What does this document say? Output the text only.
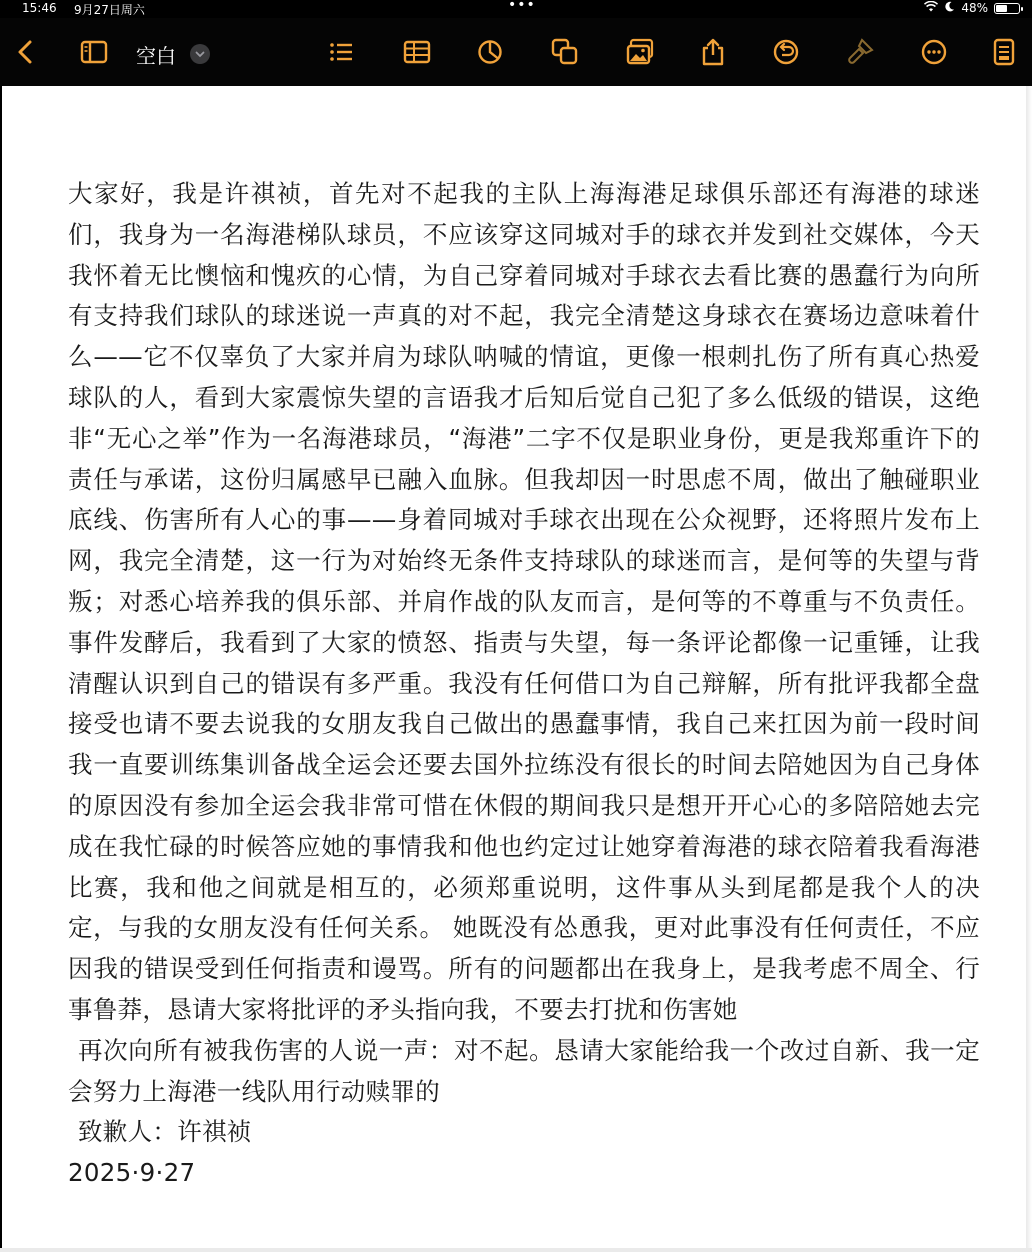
15:46 9月27日周六	•••	48%
空白

大家好，我是许祺祯，首先对不起我的主队上海海港足球俱乐部还有海港的球迷们，我身为一名海港梯队球员，不应该穿这同城对手的球衣并发到社交媒体，今天我怀着无比懊恼和愧疚的心情，为自己穿着同城对手球衣去看比赛的愚蠢行为向所有支持我们球队的球迷说一声真的对不起，我完全清楚这身球衣在赛场边意味着什么——它不仅辜负了大家并肩为球队呐喊的情谊，更像一根刺扎伤了所有真心热爱球队的人，看到大家震惊失望的言语我才后知后觉自己犯了多么低级的错误，这绝非“无心之举”作为一名海港球员，“海港”二字不仅是职业身份，更是我郑重许下的责任与承诺，这份归属感早已融入血脉。但我却因一时思虑不周，做出了触碰职业底线、伤害所有人心的事——身着同城对手球衣出现在公众视野，还将照片发布上网，我完全清楚，这一行为对始终无条件支持球队的球迷而言，是何等的失望与背叛；对悉心培养我的俱乐部、并肩作战的队友而言，是何等的不尊重与不负责任。事件发酵后，我看到了大家的愤怒、指责与失望，每一条评论都像一记重锤，让我清醒认识到自己的错误有多严重。我没有任何借口为自己辩解，所有批评我都全盘接受也请不要去说我的女朋友我自己做出的愚蠢事情，我自己来扛因为前一段时间我一直要训练集训备战全运会还要去国外拉练没有很长的时间去陪她因为自己身体的原因没有参加全运会我非常可惜在休假的期间我只是想开开心心的多陪陪她去完成在我忙碌的时候答应她的事情我和他也约定过让她穿着海港的球衣陪着我看海港比赛，我和他之间就是相互的，必须郑重说明，这件事从头到尾都是我个人的决定，与我的女朋友没有任何关系。 她既没有怂恿我，更对此事没有任何责任，不应因我的错误受到任何指责和谩骂。所有的问题都出在我身上，是我考虑不周全、行事鲁莽，恳请大家将批评的矛头指向我，不要去打扰和伤害她

再次向所有被我伤害的人说一声：对不起。恳请大家能给我一个改过自新、我一定会努力上海港一线队用行动赎罪的

致歉人：许祺祯

2025·9·27
